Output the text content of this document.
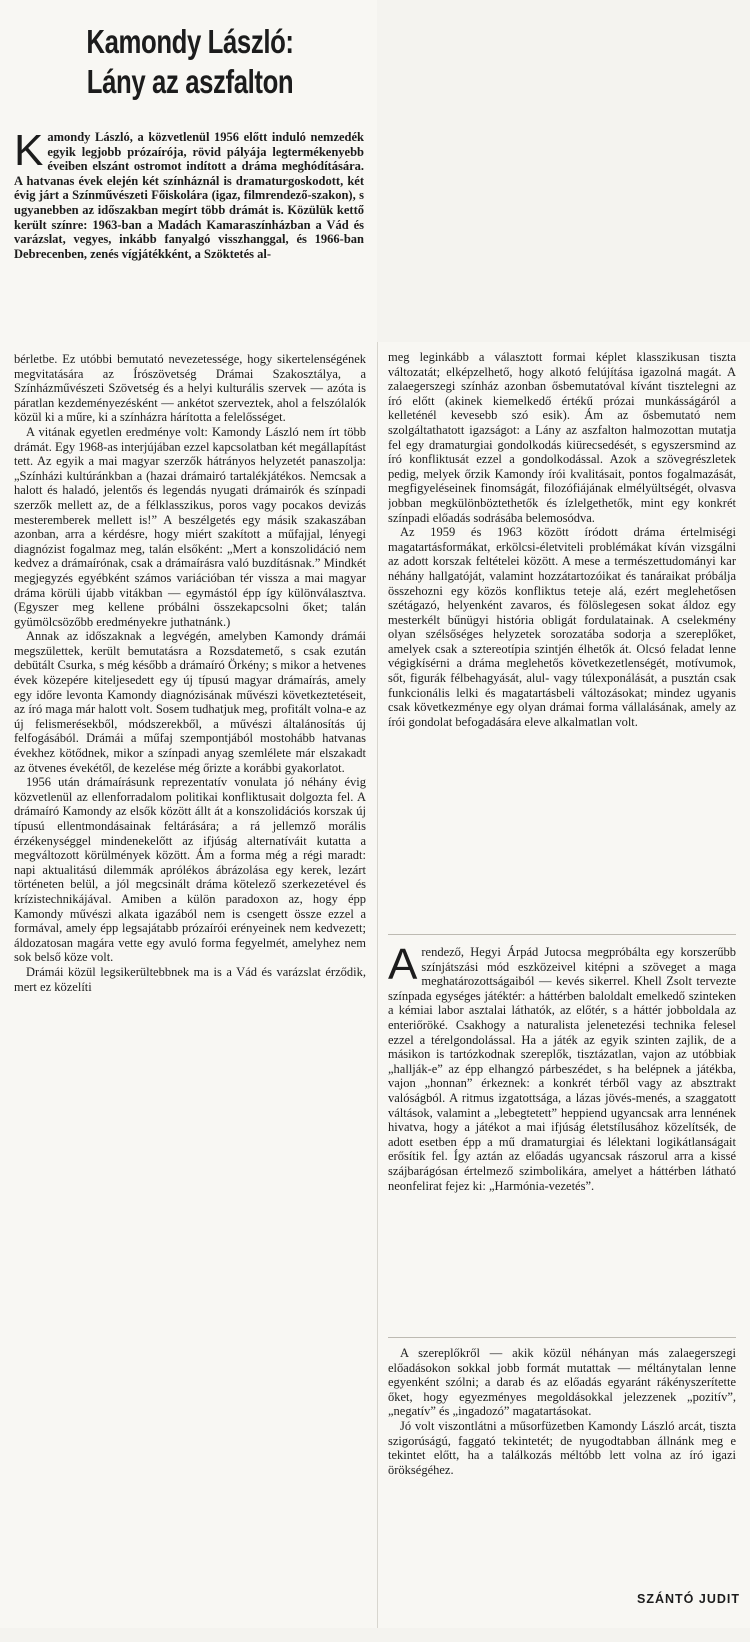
Kamondy László:
Lány az aszfalton

Kamondy László, a közvetlenül 1956 előtt induló nemzedék egyik legjobb prózaírója, rövid pályája legtermékenyebb éveiben elszánt ostromot indított a dráma meghódítására. A hatvanas évek elején két színháznál is dramaturgoskodott, két évig járt a Színművészeti Főiskolára (igaz, filmrendező-szakon), s ugyanebben az időszakban megírt több drámát is. Közülük kettő került színre: 1963-ban a Madách Kamaraszínházban a Vád és varázslat, vegyes, inkább fanyalgó visszhanggal, és 1966-ban Debrecenben, zenés vígjátékként, a Szöktetés al-

bérletbe. Ez utóbbi bemutató nevezetessége, hogy sikertelenségének megvitatására az Írószövetség Drámai Szakosztálya, a Színházművészeti Szövetség és a helyi kulturális szervek — azóta is páratlan kezdeményezésként — ankétot szerveztek, ahol a felszólalók közül ki a műre, ki a színházra hárította a felelősséget.

A vitának egyetlen eredménye volt: Kamondy László nem írt több drámát. Egy 1968-as interjújában ezzel kapcsolatban két megállapítást tett. Az egyik a mai magyar szerzők hátrányos helyzetét panaszolja: „Színházi kultúránkban a (hazai drámairó tartalékjátékos. Nemcsak a halott és haladó, jelentős és legendás nyugati drámairók és színpadi szerzők mellett az, de a félklasszikus, poros vagy pocakos devizás mesteremberek mellett is!” A beszélgetés egy másik szakaszában azonban, arra a kérdésre, hogy miért szakított a műfajjal, lényegi diagnózist fogalmaz meg, talán elsőként: „Mert a konszolidáció nem kedvez a drámaírónak, csak a drámaírásra való buzdításnak.” Mindkét megjegyzés egyébként számos variációban tér vissza a mai magyar dráma körüli újabb vitákban — egymástól épp így különválasztva. (Egyszer meg kellene próbálni összekapcsolni őket; talán gyümölcsözőbb eredményekre juthatnánk.)

Annak az időszaknak a legvégén, amelyben Kamondy drámái megszülettek, került bemutatásra a Rozsdatemető, s csak ezután debütált Csurka, s még később a drámaíró Örkény; s mikor a hetvenes évek közepére kiteljesedett egy új típusú magyar drámaírás, amely egy időre levonta Kamondy diagnózisának művészi következtetéseit, az író maga már halott volt. Sosem tudhatjuk meg, profitált volna-e az új felismerésekből, módszerekből, a művészi általánosítás új felfogásából. Drámái a műfaj szempontjából mostohább hatvanas évekhez kötődnek, mikor a színpadi anyag szemlélete már elszakadt az ötvenes évekétől, de kezelése még őrizte a korábbi gyakorlatot.

1956 után drámaírásunk reprezentatív vonulata jó néhány évig közvetlenül az ellenforradalom politikai konfliktusait dolgozta fel. A drámaíró Kamondy az elsők között állt át a konszolidációs korszak új típusú ellentmondásainak feltárására; a rá jellemző morális érzékenységgel mindenekelőtt az ifjúság alternatíváit kutatta a megváltozott körülmények között. Ám a forma még a régi maradt: napi aktualitású dilemmák aprólékos ábrázolása egy kerek, lezárt történeten belül, a jól megcsinált dráma kötelező szerkezetével és krízistechnikájával. Amiben a külön paradoxon az, hogy épp Kamondy művészi alkata igazából nem is csengett össze ezzel a formával, amely épp legsajátabb prózaírói erényeinek nem kedvezett; áldozatosan magára vette egy avuló forma fegyelmét, amelyhez nem sok belső köze volt.

Drámái közül legsikerültebbnek ma is a Vád és varázslat érződik, mert ez közelíti

meg leginkább a választott formai képlet klasszikusan tiszta változatát; elképzelhető, hogy alkotó felújítása igazolná magát. A zalaegerszegi színház azonban ősbemutatóval kívánt tisztelegni az író előtt (akinek kiemelkedő értékű prózai munkásságáról a kelleténél kevesebb szó esik). Ám az ősbemutató nem szolgáltathatott igazságot: a Lány az aszfalton halmozottan mutatja fel egy dramaturgiai gondolkodás kiürecsedését, s egyszersmind az író konfliktusát ezzel a gondolkodással. Azok a szövegrészletek pedig, melyek őrzik Kamondy írói kvalitásait, pontos fogalmazását, megfigyeléseinek finomságát, filozófiájának elmélyültségét, olvasva jobban megkülönböztethetők és ízlelgethetők, mint egy konkrét színpadi előadás sodrásába belemosódva.

Az 1959 és 1963 között íródott dráma értelmiségi magatartásformákat, erkölcsi-életviteli problémákat kíván vizsgálni az adott korszak feltételei között. A mese a természettudományi kar néhány hallgatóját, valamint hozzátartozóikat és tanáraikat próbálja összehozni egy közös konfliktus teteje alá, ezért meglehetősen szétágazó, helyenként zavaros, és fölöslegesen sokat áldoz egy mesterkélt bűnügyi história obligát fordulatainak. A cselekmény olyan szélsőséges helyzetek sorozatába sodorja a szereplőket, amelyek csak a sztereotípia szintjén élhetők át. Olcsó feladat lenne végigkísérni a dráma meglehetős következetlenségét, motívumok, sőt, figurák félbehagyását, alul- vagy túlexponálását, a pusztán csak funkcionális lelki és magatartásbeli változásokat; mindez ugyanis csak következménye egy olyan drámai forma vállalásának, amely az írói gondolat befogadására eleve alkalmatlan volt.

Arendező, Hegyi Árpád Jutocsa megpróbálta egy korszerűbb színjátszási mód eszközeivel kitépni a szöveget a maga meghatározottságaiból — kevés sikerrel. Khell Zsolt tervezte színpada egységes játéktér: a háttérben baloldalt emelkedő szinteken a kémiai labor asztalai láthatók, az előtér, s a háttér jobboldala az enteriőröké. Csakhogy a naturalista jelenetezési technika felesel ezzel a térelgondolással. Ha a játék az egyik szinten zajlik, de a másikon is tartózkodnak szereplők, tisztázatlan, vajon az utóbbiak „hallják-e” az épp elhangzó párbeszédet, s ha belépnek a játékba, vajon „honnan” érkeznek: a konkrét térből vagy az absztrakt valóságból. A ritmus izgatottsága, a lázas jövés-menés, a szaggatott váltások, valamint a „lebegtetett” heppiend ugyancsak arra lennének hivatva, hogy a játékot a mai ifjúság életstílusához közelítsék, de adott esetben épp a mű dramaturgiai és lélektani logikátlanságait erősítik fel. Így aztán az előadás ugyancsak rászorul arra a kissé szájbarágósan értelmező szimbolikára, amelyet a háttérben látható neonfelirat fejez ki: „Harmónia-vezetés”.

A szereplőkről — akik közül néhányan más zalaegerszegi előadásokon sokkal jobb formát mutattak — méltánytalan lenne egyenként szólni; a darab és az előadás egyaránt rákényszerítette őket, hogy egyezményes megoldásokkal jelezzenek „pozitív”, „negatív” és „ingadozó” magatartásokat.

Jó volt viszontlátni a műsorfüzetben Kamondy László arcát, tiszta szigorúságú, faggató tekintetét; de nyugodtabban állnánk meg e tekintet előtt, ha a találkozás méltóbb lett volna az író igazi örökségéhez.

SZÁNTÓ JUDIT
